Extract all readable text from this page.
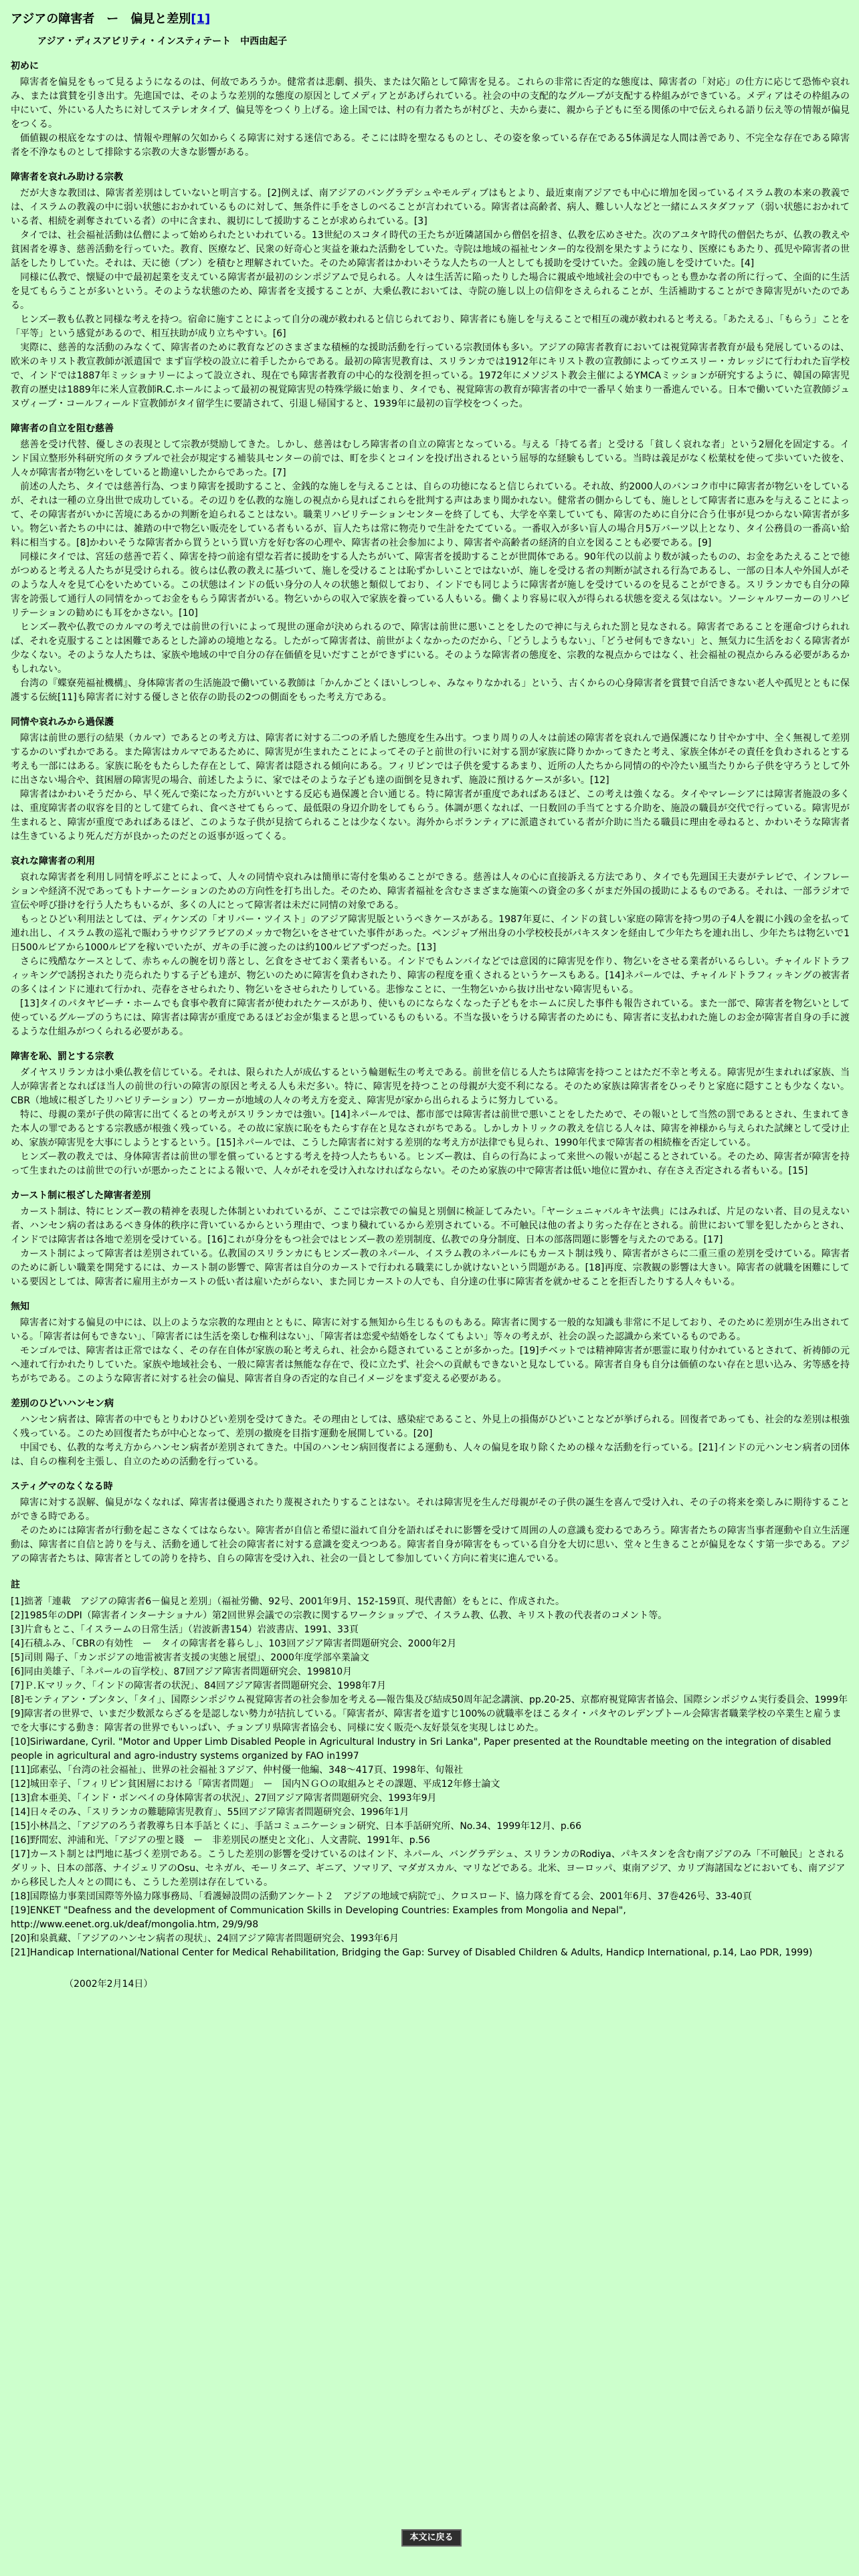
アジアの障害者　ー　偏見と差別[1]
アジア・ディスアビリティ・インスティテート　中西由起子
初めに

障害者を偏見をもって見るようになるのは、何故であろうか。健常者は悲劇、損失、または欠陥として障害を見る。これらの非常に否定的な態度は、障害者の「対応」の仕方に応じて恐怖や哀れみ、または賞賛を引き出す。先進国では、そのような差別的な態度の原因としてメディアとがあげられている。社会の中の支配的なグループが支配する枠組みができている。メディアはその枠組みの中にいて、外にいる人たちに対してステレオタイプ、偏見等をつくり上げる。途上国では、村の有力者たちが村びと、夫から妻に、親から子どもに至る関係の中で伝えられる語り伝え等の情報が偏見をつくる。

価値観の根底をなすのは、情報や理解の欠如からくる障害に対する迷信である。そこには時を聖なるものとし、その姿を象っている存在である5体満足な人間は善であり、不完全な存在である障害者を不浄なものとして排除する宗教の大きな影響がある。

障害者を哀れみ助ける宗教

だが大きな教団は、障害者差別はしていないと明言する。[2]例えば、南アジアのバングラデシュやモルディブはもとより、最近東南アジアでも中心に増加を図っているイスラム教の本来の教義では、イスラムの教義の中に弱い状態におかれているものに対して、無条件に手をさしのべることが言われている。障害者は高齢者、病人、難しい人などと一緒にムスタダファア（弱い状態におかれている者、相続を剥奪されている者）の中に含まれ、親切にして援助することが求められている。[3]

タイでは、社会福祉活動は仏僧によって始められたといわれている。13世紀のスコタイ時代の王たちが近隣諸国から僧侶を招き、仏教を広めさせた。次のアユタヤ時代の僧侶たちが、仏教の教えや貧困者を導き、慈善活動を行っていた。教育、医療など、民衆の好奇心と実益を兼ねた活動をしていた。寺院は地域の福祉センター的な役割を果たすようになり、医療にもあたり、孤児や障害者の世話をしたりしていた。それは、天に徳（ブン）を積むと理解されていた。そのため障害者はかわいそうな人たちの一人としても援助を受けていた。金銭の施しを受けていた。[4]

同様に仏教で、懐疑の中で最初起業を支えている障害者が最初のシンポジアムで見られる。人々は生活苦に陥ったりした場合に親戚や地域社会の中でもっとも豊かな者の所に行って、全面的に生活を見てもらうことが多いという。そのような状態のため、障害者を支援することが、大乗仏教においては、寺院の施し以上の信仰をさえられることが、生活補助することができ障害児がいたのである。

ヒンズー教も仏教と同様な考えを持つ。宿命に施すことによって自分の魂が救われると信じられており、障害者にも施しを与えることで相互の魂が救われると考える。「あたえる」、「もらう」ことを「平等」という感覚があるので、相互扶助が成り立ちやすい。[6]

実際に、慈善的な活動のみなくて、障害者のために教育などのさまざまな積極的な援助活動を行っている宗教団体も多い。アジアの障害者教育においては視覚障害者教育が最も発展しているのは、欧米のキリスト教宣教師が派遣国で まず盲学校の設立に着手したからである。最初の障害児教育は、スリランカでは1912年にキリスト教の宣教師によってウエスリー・カレッジにて行われた盲学校で、インドでは1887年ミッショナリーによって設立され、現在でも障害者教育の中心的な役割を担っている。1972年にメソジスト教会主催によるYMCAミッションが研究するように、韓国の障害児教育の歴史は1889年に米人宣教師R.C.ホールによって最初の視覚障害児の特殊学級に始まり、タイでも、視覚障害の教育が障害者の中で一番早く始まり一番進んでいる。日本で働いていた宣教師ジュヌヴィーブ・コールフィールド宣教師がタイ留学生に要請されて、引退し帰国すると、1939年に最初の盲学校をつくった。

障害者の自立を阻む慈善

慈善を受け代替、優しさの表現として宗教が奨励してきた。しかし、慈善はむしろ障害者の自立の障害となっている。与える「持てる者」と受ける「貧しく哀れな者」という2層化を固定する。インド国立整形外科研究所のタラプルで社会が規定する補装具センターの前では、町を歩くとコインを投げ出されるという屈辱的な経験もしている。当時は義足がなく松葉杖を使って歩いていた彼を、人々が障害者が物乞いをしていると勘違いしたからであった。[7]

前述の人たち、タイでは慈善行為、つまり障害を援助すること、金銭的な施しを与えることは、自らの功徳になると信じられている。それ故、約2000人のバンコク市中に障害者が物乞いをしているが、それは一種の立身出世で成功している。その辺りを仏教的な施しの視点から見ればこれらを批判する声はあまり聞かれない。健常者の側からしても、施しとして障害者に恵みを与えることによって、その障害者がいかに苦境にあるかの判断を迫られることはない。職業リハビリテーションセンターを終了しても、大学を卒業していても、障害のために自分に合う仕事が見つからない障害者が多い。物乞い者たちの中には、雑踏の中で物乞い販売をしている者もいるが、盲人たちは常に物売りで生計をたてている。一番収入が多い盲人の場合月5万バーツ以上となり、タイ公務員の一番高い給料に相当する。[8]かわいそうな障害者から買うという買い方を好む客の心理や、障害者の社会参加により、障害者や高齢者の経済的自立を図ることも必要である。[9]

同様にタイでは、宮廷の慈善で若く、障害を持つ前途有望な若者に援助をする人たちがいて、障害者を援助することが世間体である。90年代の以前より数が減ったものの、お金をあたえることで徳がつめると考える人たちが見受けられる。彼らは仏教の教えに基づいて、施しを受けることは恥ずかしいことではないが、施しを受ける者の判断が試される行為であるし、一部の日本人や外国人がそのような人々を見て心をいためている。この状態はインドの低い身分の人々の状態と類似しており、インドでも同じように障害者が施しを受けているのを見ることができる。スリランカでも自分の障害を誇張して通行人の同情をかってお金をもらう障害者がいる。物乞いからの収入で家族を養っている人もいる。働くより容易に収入が得られる状態を変える気はない。ソーシャルワーカーのリハビリテーションの勧めにも耳をかさない。[10]

ヒンズー教や仏教でのカルマの考えでは前世の行いによって現世の運命が決められるので、障害は前世に悪いことをしたので神に与えられた罰と見なされる。障害者であることを運命づけられれば、それを克服することは困難であるとした諦めの境地となる。したがって障害者は、前世がよくなかったのだから、「どうしようもない」、「どうせ何もできない」と、無気力に生活をおくる障害者が少なくない。そのような人たちは、家族や地域の中で自分の存在価値を見いだすことができずにいる。そのような障害者の態度を、宗教的な視点からではなく、社会福祉の視点からみる必要があるかもしれない。

台湾の『蝶寮苑福祉機構』、身体障害者の生活施設で働いている教師は「かんかごとくほいしつしゃ、みなゃりなかれる」という、古くからの心身障害者を賞賛で自活できない老人や孤児とともに保護する伝統[11]も障害者に対する優しさと依存の助長の2つの側面をもった考え方である。

同情や哀れみから過保護

障害は前世の悪行の結果（カルマ）であるとの考え方は、障害者に対する二つの矛盾した態度を生み出す。つまり周りの人々は前述の障害者を哀れんで過保護になり甘やかす中、全く無視して差別するかのいずれかである。また障害はカルマであるために、障害児が生まれたことによってその子と前世の行いに対する罰が家族に降りかかってきたと考え、家族全体がその責任を負わされるとする考えも一部にはある。家族に恥をもたらした存在として、障害者は隠される傾向にある。フィリピンでは子供を愛するあまり、近所の人たちから同情の的や冷たい風当たりから子供を守ろうとして外に出さない場合や、貧困層の障害児の場合、前述したように、家ではそのような子ども達の面倒を見きれず、施設に預けるケースが多い。[12]

障害者はかわいそうだから、早く死んで楽になった方がいいとする反応も過保護と合い通じる。特に障害者が重度であればあるほど、この考えは強くなる。タイやマレーシアには障害者施設の多くは、重度障害者の収容を目的として建てられ、食べさせてもらって、最低限の身辺介助をしてもらう。体調が悪くなれば、一日数回の手当てとする介助を、施設の職員が交代で行っている。障害児が生まれると、障害が重度であればあるほど、このような子供が見捨てられることは少なくない。海外からボランティアに派遣されている者が介助に当たる職員に理由を尋ねると、かわいそうな障害者は生きているより死んだ方が良かったのだとの返事が返ってくる。

哀れな障害者の利用

哀れな障害者を利用し同情を呼ぶことによって、人々の同情や哀れみは簡単に寄付を集めることができる。慈善は人々の心に直接訴える方法であり、タイでも先週国王夫妻がテレビで、インフレーションや経済不況であってもトナーケーションのための方向性を打ち出した。そのため、障害者福祉を含むさまざまな施策への資金の多くがまだ外国の援助によるものである。それは、一部ラジオで宣伝や呼び掛けを行う人たちもいるが、多くの人にとって障害者は未だに同情の対象である。

もっとひどい利用法としては、ディケンズの「オリバー・ツイスト」のアジア障害児版というべきケースがある。1987年夏に、インドの貧しい家庭の障害を持つ男の子4人を親に小銭の金を払って連れ出し、イスラム教の巡礼で賑わうサウジアラビアのメッカで物乞いをさせていた事件があった。ペンジャブ州出身の小学校校長がパキスタンを経由して少年たちを連れ出し、少年たちは物乞いで1日500ルピアから1000ルピアを稼いでいたが、ガキの手に渡ったのは約100ルピアずつだった。[13]

さらに残酷なケースとして、赤ちゃんの腕を切り落とし、乞食をさせておく業者もいる。インドでもムンバイなどでは意図的に障害児を作り、物乞いをさせる業者がいるらしい。チャイルドトラフィッキングで誘拐されたり売られたりする子ども達が、物乞いのために障害を負わされたり、障害の程度を重くされるというケースもある。[14]ネパールでは、チャイルドトラフィッキングの被害者の多くはインドに連れて行かれ、売春をさせられたり、物乞いをさせられたりしている。悲惨なことに、一生物乞いから抜け出せない障害児もいる。

[13]タイのパタヤビーチ・ホームでも食事や教育に障害者が使われたケースがあり、使いものにならなくなった子どもをホームに戻した事件も報告されている。また一部で、障害者を物乞いとして使っているグループのうちには、障害者は障害が重度であるほどお金が集まると思っているものもいる。不当な扱いをうける障害者のためにも、障害者に支払われた施しのお金が障害者自身の手に渡るような仕組みがつくられる必要がある。

障害を恥、罰とする宗教

ダイヤスリランカは小乗仏教を信じている。それは、限られた人が成仏するという輪廻転生の考えである。前世を信じる人たちは障害を持つことはただ不幸と考える。障害児が生まれれば家族、当人が障害者となればほ当人の前世の行いの障害の原因と考える人も未だ多い。特に、障害児を持つことの母親が大変不利になる。そのため家族は障害者をひっそりと家庭に隠すことも少なくない。CBR（地域に根ざしたリハビリテーション）ワーカーが地域の人々の考え方を変え、障害児が家から出られるように努力している。

特に、母親の業が子供の障害に出てくるとの考えがスリランカでは強い。[14]ネパールでは、都市部では障害者は前世で悪いことをしたためで、その報いとして当然の罰であるとされ、生まれてきた本人の罪であるとする宗教感が根強く残っている。その故に家族に恥をもたらす存在と見なされがちである。しかしカトリックの教えを信じる人々は、障害を神様から与えられた試練として受け止め、家族が障害児を大事にしようとするという。[15]ネパールでは、こうした障害者に対する差別的な考え方が法律でも見られ、1990年代まで障害者の相続権を否定している。

ヒンズー教の教えでは、身体障害者は前世の罪を償っているとする考えを持つ人たちもいる。ヒンズー教は、自らの行為によって来世への報いが起こるとされている。そのため、障害者が障害を持って生まれたのは前世での行いが悪かったことによる報いで、人々がそれを受け入れなければならない。そのため家族の中で障害者は低い地位に置かれ、存在さえ否定される者もいる。[15]

カースト制に根ざした障害者差別

カースト制は、特にヒンズー教の精神を表現した体制といわれているが、ここでは宗教での偏見と別個に検証してみたい。「ヤーシュニャバルキヤ法典」にはみれば、片足のない者、目の見えない者、ハンセン病の者はあるべき身体的秩序に背いているからという理由で、つまり穢れているから差別されている。不可触民は他の者より劣った存在とされる。前世において罪を犯したからとされ、インドでは障害者は各地で差別を受けている。[16]これが身分をもつ社会ではヒンズー教の差別制度、仏教での身分制度、日本の部落問題に影響を与えたのである。[17]

カースト制によって障害者は差別されている。仏教国のスリランカにもヒンズー教のネパール、イスラム教のネパールにもカースト制は残り、障害者がさらに二重三重の差別を受けている。障害者のために新しい職業を開発するには、カースト制の影響で、障害者は自分のカーストで行われる職業にしか就けないという問題がある。[18]再度、宗教観の影響は大きい。障害者の就職を困難にしている要因としては、障害者に雇用主がカーストの低い者は雇いたがらない、また同じカーストの人でも、自分達の仕事に障害者を就かせることを拒否したりする人々もいる。

無知

障害者に対する偏見の中には、以上のような宗教的な理由とともに、障害に対する無知から生じるものもある。障害者に関する一般的な知識も非常に不足しており、そのために差別が生み出されている。「障害者は何もできない」、「障害者には生活を楽しむ権利はない」、「障害者は恋愛や結婚をしなくてもよい」等々の考えが、社会の誤った認識から来ているものである。

モンゴルでは、障害者は正常ではなく、その存在自体が家族の恥と考えられ、社会から隠されていることが多かった。[19]チベットでは精神障害者が悪霊に取り付かれているとされて、祈祷師の元へ連れて行かれたりしていた。家族や地域社会も、一般に障害者は無能な存在で、役に立たず、社会への貢献もできないと見なしている。障害者自身も自分は価値のない存在と思い込み、劣等感を持ちがちである。このような障害者に対する社会の偏見、障害者自身の否定的な自己イメージをまず変える必要がある。

差別のひどいハンセン病

ハンセン病者は、障害者の中でもとりわけひどい差別を受けてきた。その理由としては、感染症であること、外見上の損傷がひどいことなどが挙げられる。回復者であっても、社会的な差別は根強く残っている。このため回復者たちが中心となって、差別の撤廃を目指す運動を展開している。[20]

中国でも、仏教的な考え方からハンセン病者が差別されてきた。中国のハンセン病回復者による運動も、人々の偏見を取り除くための様々な活動を行っている。[21]インドの元ハンセン病者の団体は、自らの権利を主張し、自立のための活動を行っている。

スティグマのなくなる時

障害に対する誤解、偏見がなくなれば、障害者は優遇されたり蔑視されたりすることはない。それは障害児を生んだ母親がその子供の誕生を喜んで受け入れ、その子の将来を楽しみに期待することができる時である。

そのためには障害者が行動を起こさなくてはならない。障害者が自信と希望に溢れて自分を語ればそれに影響を受けて周囲の人の意識も変わるであろう。障害者たちの障害当事者運動や自立生活運動は、障害者に自信と誇りを与え、活動を通して社会の障害者に対する意識を変えつつある。障害者自身が障害をもっている自分を大切に思い、堂々と生きることが偏見をなくす第一歩である。アジアの障害者たちは、障害者としての誇りを持ち、自らの障害を受け入れ、社会の一員として参加していく方向に着実に進んでいる。

註
[1]拙著「連載　アジアの障害者6－偏見と差別」（福祉労働、92号、2001年9月、152-159頁、現代書館）をもとに、作成された。
[2]1985年のDPI（障害者インターナショナル）第2回世界会議での宗教に関するワークショップで、イスラム教、仏教、キリスト教の代表者のコメント等。
[3]片倉もとこ、「イスラームの日常生活」（岩波新書154）岩波書店、1991、33頁
[4]石積ふみ、「CBRの有効性　ー　タイの障害者を暮らし」、103回アジア障害者問題研究会、2000年2月
[5]司則 陽子、「カンボジアの地雷被害者支援の実態と展望」、2000年度学部卒業論文
[6]同由美雄子、「ネパールの盲学校」、87回アジア障害者問題研究会、199810月
[7]Ｐ.Ｋマリック、「インドの障害者の状況」、84回アジア障害者問題研究会、1998年7月
[8]モンティアン・ブンタン、「タイ」、国際シンポジウム視覚障害者の社会参加を考える―報告集及び結成50周年記念講演、pp.20-25、京都府視覚障害者協会、国際シンポジウム実行委員会、1999年
[9]障害者の世界で、いまだ少数派ならざるを是認しない勢力が拮抗している。「障害者が、障害者を道すじ100%の就職率をほこるタイ・パタヤのレデンプトール会障害者職業学校の卒業生と雇うまでを大事にする動き：障害者の世界でもいっぱい、チョンブリ県障害者協会も、同様に安く販売へ友好景気を実現しはじめた。
[10]Siriwardane, Cyril. "Motor and Upper Limb Disabled People in Agricultural Industry in Sri Lanka", Paper presented at the Roundtable meeting on the integration of disabled people in agricultural and agro-industry systems organized by FAO in1997
[11]邱素弘、「台湾の社会福祉」、世界の社会福祉３アジア、仲村優一他編、348～417頁、1998年、旬報社
[12]城田幸子、「フィリピン貧困層における「障害者問題」　ー　国内ＮＧＯの取組みとその課題、平成12年修士論文
[13]倉本亜美、「インド・ボンベイの身体障害者の状況」、27回アジア障害者問題研究会、1993年9月
[14]日々そのみ、「スリランカの難聴障害児教育」、55回アジア障害者問題研究会、1996年1月
[15]小林昌之、「アジアのろう者教導ち日本手話とくに」、手話コミュニケーション研究、日本手話研究所、No.34、1999年12月、p.66
[16]野間宏、沖浦和光、「アジアの聖と賤　ー　非差別民の歴史と文化」、人文書院、1991年、p.56
[17]カースト制とは門地に基づく差別である。こうした差別の影響を受けているのはインド、ネパール、バングラデシュ、スリランカのRodiya、パキスタンを含む南アジアのみ「不可触民」とされるダリット、日本の部落、ナイジェリアのOsu、セネガル、モーリタニア、ギニア、ソマリア、マダガスカル、マリなどである。北米、ヨーロッパ、東南アジア、カリブ海諸国などにおいても、南アジアから移民した人々との間にも、こうした差別は存在している。
[18]国際協力事業団国際等外協力隊事務局、「看護婦設問の活動アンケート２　アジアの地域で病院で」、クロスロード、協力隊を育てる会、2001年6月、37巻426号、33-40頁
[19]ENKET "Deafness and the development of Communication Skills in Developing Countries: Examples from Mongolia and Nepal",
http://www.eenet.org.uk/deaf/mongolia.htm, 29/9/98
[20]和泉眞藏、「アジアのハンセン病者の現状」、24回アジア障害者問題研究会、1993年6月
[21]Handicap International/National Center for Medical Rehabilitation, Bridging the Gap: Survey of Disabled Children & Adults, Handicp International, p.14, Lao PDR, 1999)
（2002年2月14日）
本文に戻る
